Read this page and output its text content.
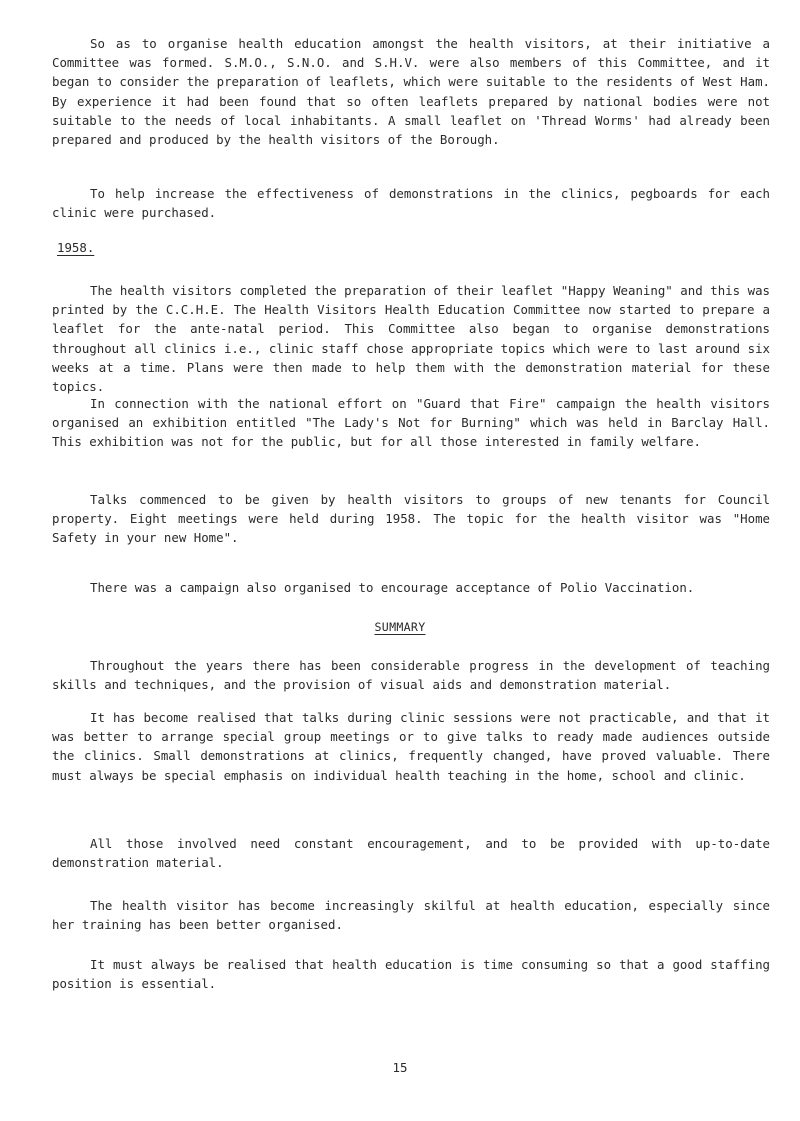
So as to organise health education amongst the health visitors, at their initiative a Committee was formed. S.M.O., S.N.O. and S.H.V. were also members of this Committee, and it began to consider the preparation of leaflets, which were suitable to the residents of West Ham. By experience it had been found that so often leaflets prepared by national bodies were not suitable to the needs of local inhabitants. A small leaflet on 'Thread Worms' had already been prepared and produced by the health visitors of the Borough.

To help increase the effectiveness of demonstrations in the clinics, pegboards for each clinic were purchased.

1958.

The health visitors completed the preparation of their leaflet "Happy Weaning" and this was printed by the C.C.H.E. The Health Visitors Health Education Committee now started to prepare a leaflet for the ante-natal period. This Committee also began to organise demonstrations throughout all clinics i.e., clinic staff chose appropriate topics which were to last around six weeks at a time. Plans were then made to help them with the demonstration material for these topics.

In connection with the national effort on "Guard that Fire" campaign the health visitors organised an exhibition entitled "The Lady's Not for Burning" which was held in Barclay Hall. This exhibition was not for the public, but for all those interested in family welfare.

Talks commenced to be given by health visitors to groups of new tenants for Council property. Eight meetings were held during 1958. The topic for the health visitor was "Home Safety in your new Home".

There was a campaign also organised to encourage acceptance of Polio Vaccination.

SUMMARY

Throughout the years there has been considerable progress in the development of teaching skills and techniques, and the provision of visual aids and demonstration material.

It has become realised that talks during clinic sessions were not practicable, and that it was better to arrange special group meetings or to give talks to ready made audiences outside the clinics. Small demonstrations at clinics, frequently changed, have proved valuable. There must always be special emphasis on individual health teaching in the home, school and clinic.

All those involved need constant encouragement, and to be provided with up-to-date demonstration material.

The health visitor has become increasingly skilful at health education, especially since her training has been better organised.

It must always be realised that health education is time consuming so that a good staffing position is essential.

15
